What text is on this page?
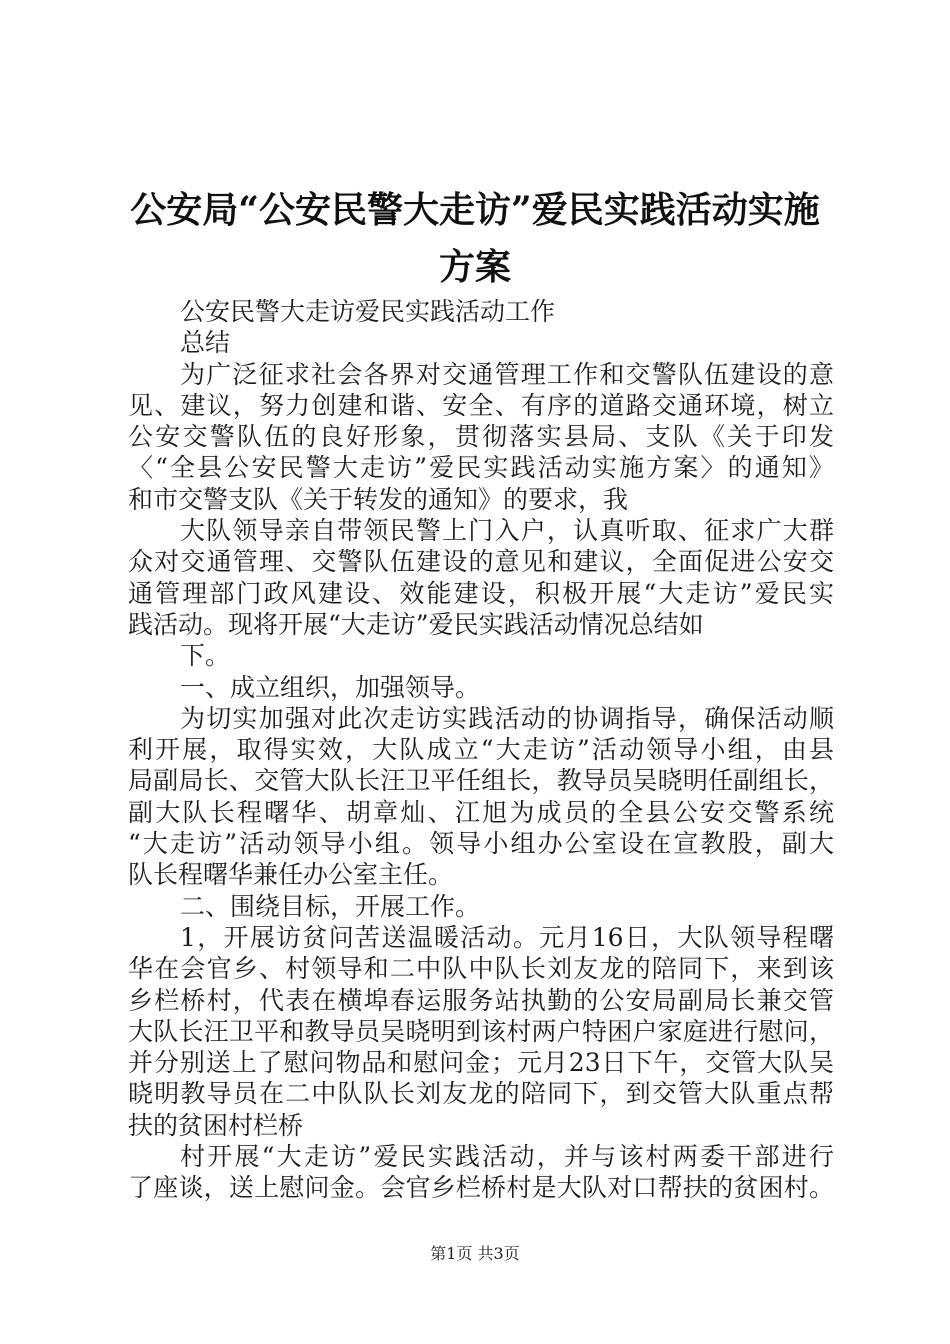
公安局“公安民警大走访”爱民实践活动实施
方案
公安民警大走访爱民实践活动工作
总结
为广泛征求社会各界对交通管理工作和交警队伍建设的意
见、建议，努力创建和谐、安全、有序的道路交通环境，树立
公安交警队伍的良好形象，贯彻落实县局、支队《关于印发
〈“全县公安民警大走访”爱民实践活动实施方案〉的通知》
和市交警支队《关于转发的通知》的要求，我
大队领导亲自带领民警上门入户，认真听取、征求广大群
众对交通管理、交警队伍建设的意见和建议，全面促进公安交
通管理部门政风建设、效能建设，积极开展“大走访”爱民实
践活动。现将开展“大走访”爱民实践活动情况总结如
下。
一、成立组织，加强领导。
为切实加强对此次走访实践活动的协调指导，确保活动顺
利开展，取得实效，大队成立“大走访”活动领导小组，由县
局副局长、交管大队长汪卫平任组长，教导员吴晓明任副组长，
副大队长程曙华、胡章灿、江旭为成员的全县公安交警系统
“大走访”活动领导小组。领导小组办公室设在宣教股，副大
队长程曙华兼任办公室主任。
二、围绕目标，开展工作。
1，开展访贫问苦送温暖活动。元月16日，大队领导程曙
华在会官乡、村领导和二中队中队长刘友龙的陪同下，来到该
乡栏桥村，代表在横埠春运服务站执勤的公安局副局长兼交管
大队长汪卫平和教导员吴晓明到该村两户特困户家庭进行慰问，
并分别送上了慰问物品和慰问金；元月23日下午，交管大队吴
晓明教导员在二中队队长刘友龙的陪同下，到交管大队重点帮
扶的贫困村栏桥
村开展“大走访”爱民实践活动，并与该村两委干部进行
了座谈，送上慰问金。会官乡栏桥村是大队对口帮扶的贫困村。
第1页 共3页
